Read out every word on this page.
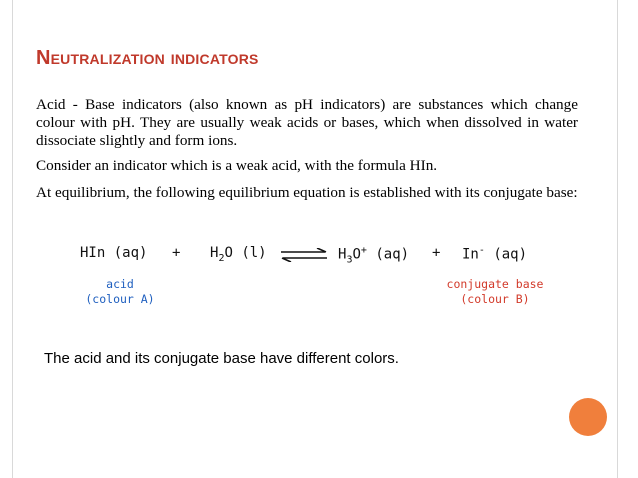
Neutralization indicators
Acid - Base indicators (also known as pH indicators) are substances which change colour with pH. They are usually weak acids or bases, which when dissolved in water dissociate slightly and form ions.
Consider an indicator which is a weak acid, with the formula HIn.
At equilibrium, the following equilibrium equation is established with its conjugate base:
HIn $(aq) + H_2O$ (l) ⇌ $H_3O^+$ (aq) + In- (aq)
acid
(colour A)
conjugate base
(colour B)
The acid and its conjugate base have different colors.
